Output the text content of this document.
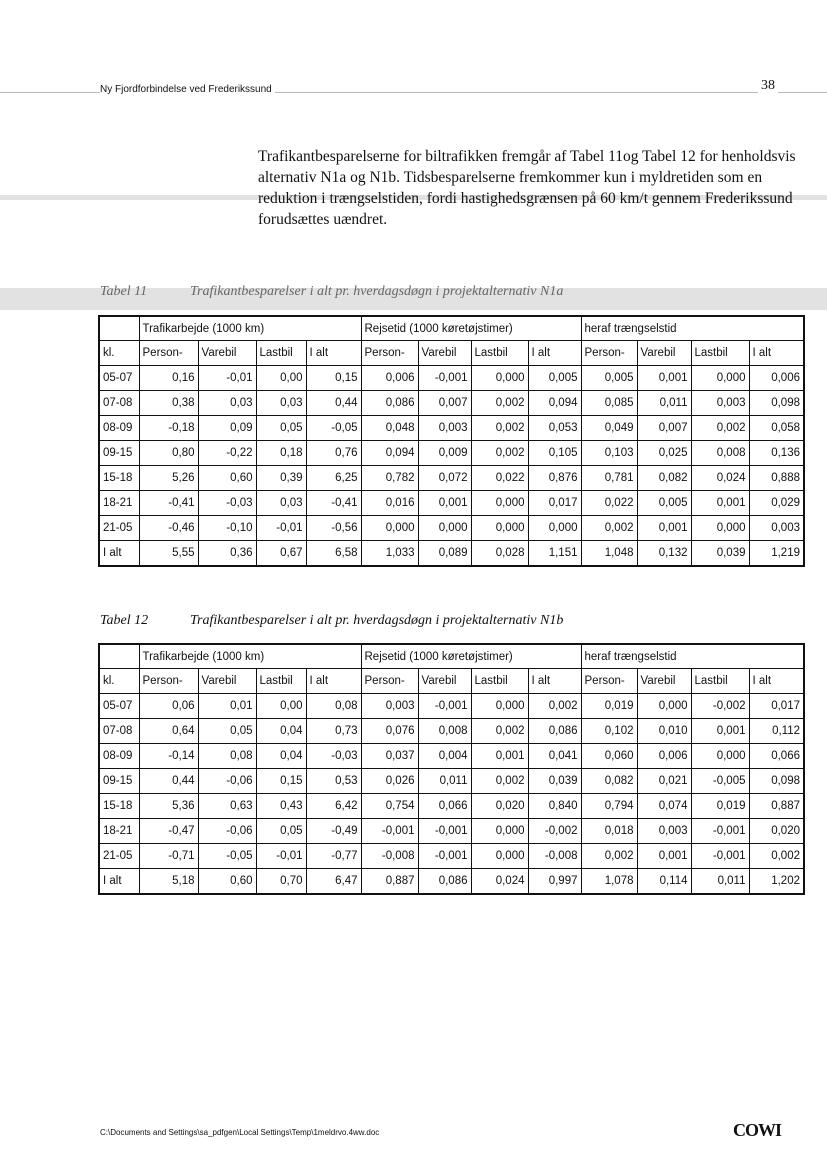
Ny Fjordforbindelse ved Frederikssund	38
Trafikantbesparelserne for biltrafikken fremgår af Tabel 11og Tabel 12 for henholdsvis alternativ N1a og N1b. Tidsbesparelserne fremkommer kun i myldretiden som en reduktion i trængselstiden, fordi hastighedsgrænsen på 60 km/t gennem Frederikssund forudsættes uændret.
Tabel 11	Trafikantbesparelser i alt pr. hverdagsdøgn i projektalternativ N1a
	Trafikarbejde (1000 km)				Rejsetid (1000 køretøjstimer)				heraf trængselstid			
kl.	Person-	Varebil	Lastbil	I alt	Person-	Varebil	Lastbil	I alt	Person-	Varebil	Lastbil	I alt
05-07	0,16	-0,01	0,00	0,15	0,006	-0,001	0,000	0,005	0,005	0,001	0,000	0,006
07-08	0,38	0,03	0,03	0,44	0,086	0,007	0,002	0,094	0,085	0,011	0,003	0,098
08-09	-0,18	0,09	0,05	-0,05	0,048	0,003	0,002	0,053	0,049	0,007	0,002	0,058
09-15	0,80	-0,22	0,18	0,76	0,094	0,009	0,002	0,105	0,103	0,025	0,008	0,136
15-18	5,26	0,60	0,39	6,25	0,782	0,072	0,022	0,876	0,781	0,082	0,024	0,888
18-21	-0,41	-0,03	0,03	-0,41	0,016	0,001	0,000	0,017	0,022	0,005	0,001	0,029
21-05	-0,46	-0,10	-0,01	-0,56	0,000	0,000	0,000	0,000	0,002	0,001	0,000	0,003
I alt	5,55	0,36	0,67	6,58	1,033	0,089	0,028	1,151	1,048	0,132	0,039	1,219
Tabel 12	Trafikantbesparelser i alt pr. hverdagsdøgn i projektalternativ N1b
	Trafikarbejde (1000 km)				Rejsetid (1000 køretøjstimer)				heraf trængselstid			
kl.	Person-	Varebil	Lastbil	I alt	Person-	Varebil	Lastbil	I alt	Person-	Varebil	Lastbil	I alt
05-07	0,06	0,01	0,00	0,08	0,003	-0,001	0,000	0,002	0,019	0,000	-0,002	0,017
07-08	0,64	0,05	0,04	0,73	0,076	0,008	0,002	0,086	0,102	0,010	0,001	0,112
08-09	-0,14	0,08	0,04	-0,03	0,037	0,004	0,001	0,041	0,060	0,006	0,000	0,066
09-15	0,44	-0,06	0,15	0,53	0,026	0,011	0,002	0,039	0,082	0,021	-0,005	0,098
15-18	5,36	0,63	0,43	6,42	0,754	0,066	0,020	0,840	0,794	0,074	0,019	0,887
18-21	-0,47	-0,06	0,05	-0,49	-0,001	-0,001	0,000	-0,002	0,018	0,003	-0,001	0,020
21-05	-0,71	-0,05	-0,01	-0,77	-0,008	-0,001	0,000	-0,008	0,002	0,001	-0,001	0,002
I alt	5,18	0,60	0,70	6,47	0,887	0,086	0,024	0,997	1,078	0,114	0,011	1,202
C:\Documents and Settings\sa_pdfgen\Local Settings\Temp\1meldrvo.4ww.doc	COWI
